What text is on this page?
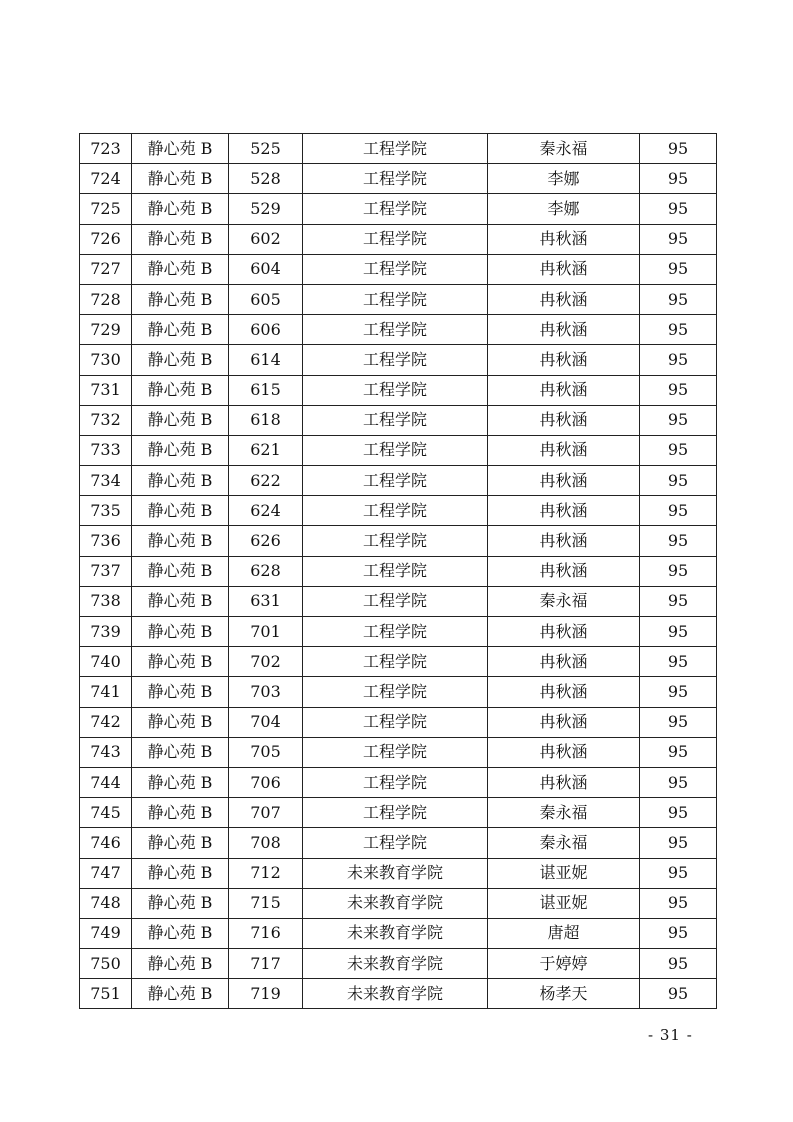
723	静心苑 B	525	工程学院	秦永福	95
724	静心苑 B	528	工程学院	李娜	95
725	静心苑 B	529	工程学院	李娜	95
726	静心苑 B	602	工程学院	冉秋涵	95
727	静心苑 B	604	工程学院	冉秋涵	95
728	静心苑 B	605	工程学院	冉秋涵	95
729	静心苑 B	606	工程学院	冉秋涵	95
730	静心苑 B	614	工程学院	冉秋涵	95
731	静心苑 B	615	工程学院	冉秋涵	95
732	静心苑 B	618	工程学院	冉秋涵	95
733	静心苑 B	621	工程学院	冉秋涵	95
734	静心苑 B	622	工程学院	冉秋涵	95
735	静心苑 B	624	工程学院	冉秋涵	95
736	静心苑 B	626	工程学院	冉秋涵	95
737	静心苑 B	628	工程学院	冉秋涵	95
738	静心苑 B	631	工程学院	秦永福	95
739	静心苑 B	701	工程学院	冉秋涵	95
740	静心苑 B	702	工程学院	冉秋涵	95
741	静心苑 B	703	工程学院	冉秋涵	95
742	静心苑 B	704	工程学院	冉秋涵	95
743	静心苑 B	705	工程学院	冉秋涵	95
744	静心苑 B	706	工程学院	冉秋涵	95
745	静心苑 B	707	工程学院	秦永福	95
746	静心苑 B	708	工程学院	秦永福	95
747	静心苑 B	712	未来教育学院	谌亚妮	95
748	静心苑 B	715	未来教育学院	谌亚妮	95
749	静心苑 B	716	未来教育学院	唐超	95
750	静心苑 B	717	未来教育学院	于婷婷	95
751	静心苑 B	719	未来教育学院	杨孝天	95
- 31 -
